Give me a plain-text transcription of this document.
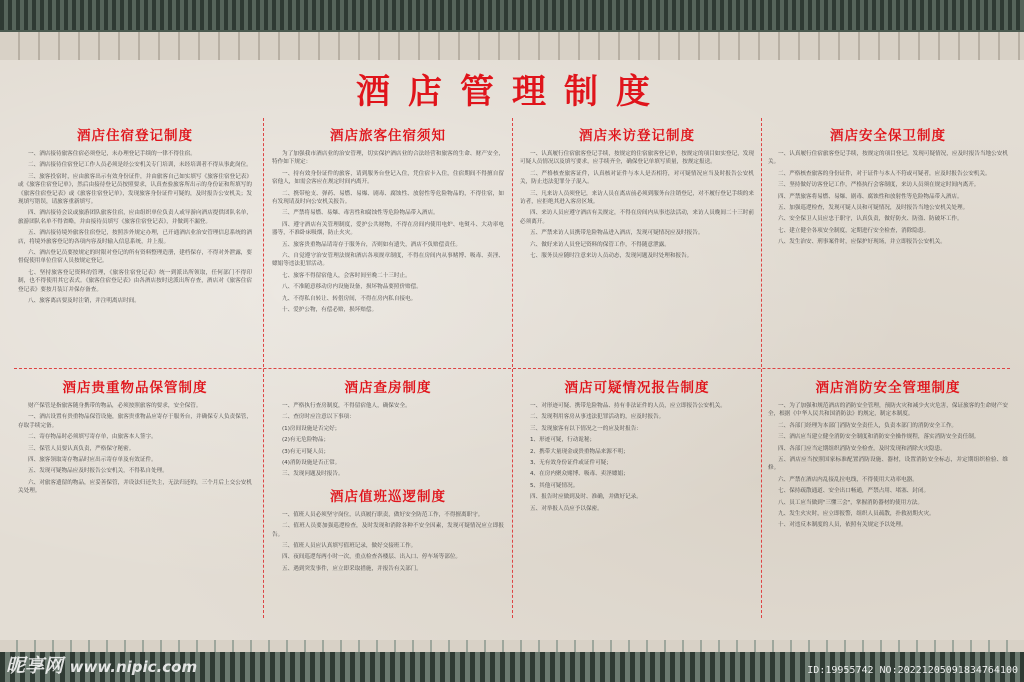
酒店管理制度
酒店住宿登记制度

一、酒店接待旅客住宿必须登记，未办理登记手续的一律不得住宿。

二、酒店接待住宿登记工作人员必须是经公安机关专门培训，未经培训者不得从事此岗位。

三、旅客投宿时，应由旅客出示有效身份证件，并由旅客自己如实填写《旅客住宿登记表》或《旅客住宿登记单》，然后由接待登记员按照要求，认真查验旅客所出示的身份证和所填写的《旅客住宿登记表》或《旅客住宿登记单》，发现旅客身份证件可疑的，及时报告公安机关；发现填写错误，请旅客重新填写。

四、酒店接待会议或旅游团队旅客住宿，应由组织单位负责人或导游向酒店提供团队名单，旅游团队名单不得省略，并由接待员填写《旅客住宿登记表》，并做到不漏登。

五、酒店接待境外旅客住宿登记，按照涉外规定办理，已开通酒店业治安管理信息系统的酒店，将境外旅客登记的各项内容及时输入信息系统，并上报。

六、酒店登记员要按规定的时限对登记的所有资料整理造册，建档保存，不得对外泄露，要督促使用单位住宿人员按规定登记。

七、坚持旅客登记资料的管理，《旅客住宿登记表》统一到派出所领取，任何部门不得印制，也不得使用其它表式。《旅客住宿登记表》由各酒店按时送派出所存查，酒店对《旅客住宿登记表》要按月装订并保存备查。

八、旅客离店要及时注销，并注明离店时间。

酒店旅客住宿须知

为了加强我市酒店业的治安管理，切实保护酒店业的合法经营和旅客的生命、财产安全，特作如下规定：

一、持有效身份证件的旅客，请到服务台登记入住，凭住宿卡入住，住宿期间不得擅自留宿他人，如需会客应在规定时间内离开。

二、携带枪支、弹药、易燃、易爆、剧毒、腐蚀性、放射性等危险物品的，不得住宿，如有发现请及时向公安机关报告。

三、严禁将易燃、易爆、毒害性和腐蚀性等危险物品带入酒店。

四、遵守酒店有关管理制度，爱护公共财物，不得在房间内使用电炉、电熨斗、大功率电器等，不准卧床吸烟，防止火灾。

五、旅客贵重物品请寄存于服务台，否则如有遗失，酒店不负赔偿责任。

六、自觉遵守治安管理法规和酒店各项规章制度，不得在房间内从事赌博、吸毒、卖淫、嫖娼等违法犯罪活动。

七、旅客不得留宿他人，会客时间至晚二十三时止。

八、不准随意移动房内设施设备，损坏物品要照价赔偿。

九、不得私自转让、转借房间，不得在房内私自接电。

十、爱护公物，有偿必赔，损坏赔偿。

酒店来访登记制度

一、认真履行住宿旅客登记手续，按规定的住宿旅客登记单，按规定的项目如实登记，发现可疑人员情况以及填写要求，应手续齐全，确保登记单填写质量，按规定报送。

二、严格核查旅客证件，认真核对证件与本人是否相符，对可疑情况应当及时报告公安机关，防止违法犯罪分子混入。

三、凡来访人员须登记，来访人员在离店前必须到服务台注销登记，对不履行登记手续的来访者，应拒绝其进入客房区域。

四、来访人员应遵守酒店有关规定，不得在房间内从事违法活动，来访人员晚间二十三时前必须离开。

五、严禁来访人员携带危险物品进入酒店，发现可疑情况应及时报告。

六、做好来访人员登记资料的保管工作，不得随意泄露。

七、服务员应随时注意来访人员动态，发现问题及时处理和报告。

酒店安全保卫制度

一、认真履行住宿旅客登记手续，按规定的项目登记，发现可疑情况，应及时报告当地公安机关。

二、严格核查旅客的身份证件，对于证件与本人不符或可疑者，应及时报告公安机关。

三、坚持做好访客登记工作，严格执行会客制度，来访人员须在规定时间内离开。

四、严禁旅客将易燃、易爆、剧毒、腐蚀性和放射性等危险物品带入酒店。

五、加强巡逻检查，发现可疑人员和可疑情况，及时报告当地公安机关处理。

六、安全保卫人员应忠于职守，认真负责，做好防火、防盗、防破坏工作。

七、建立健全各项安全制度，定期进行安全检查，消除隐患。

八、发生治安、刑事案件时，应保护好现场，并立即报告公安机关。

酒店贵重物品保管制度

财产保管是指旅客随身携带的物品，必须按照旅客的要求，安全保管。

一、酒店设置有贵重物品保管设施，旅客贵重物品应寄存于服务台，并确保专人负责保管，存取手续完备。

二、寄存物品时必须填写寄存单，由旅客本人签字。

三、保管人员要认真负责，严格保守秘密。

四、旅客领取寄存物品时应出示寄存单及有效证件。

五、发现可疑物品应及时报告公安机关，不得私自处理。

六、对旅客遗留的物品，应妥善保管，并设法归还失主，无法归还的，三个月后上交公安机关处理。

酒店查房制度

一、严格执行查房制度，不得留宿他人，确保安全。

二、查房时应注意以下事项：

(1)房间设施是否完好；

(2)有无危险物品；

(3)有无可疑人员；

(4)消防设施是否正常。

三、发现问题及时报告。

酒店值班巡逻制度

一、值班人员必须坚守岗位，认真履行职责，做好安全防范工作，不得擅离职守。

二、值班人员要加强巡逻检查，及时发现和消除各种不安全因素，发现可疑情况应立即报告。

三、值班人员应认真填写值班记录，做好交接班工作。

四、夜间巡逻每两小时一次，重点检查各楼层、出入口、停车场等部位。

五、遇到突发事件，应立即采取措施，并报告有关部门。

酒店可疑情况报告制度

一、对形迹可疑、携带危险物品、持有非法证件的人员，应立即报告公安机关。

二、发现利用客房从事违法犯罪活动的，应及时报告。

三、发现旅客有以下情况之一的应及时报告：

1、形迹可疑，行动诡秘；

2、携带大量现金或贵重物品来源不明；

3、无有效身份证件或证件可疑；

4、在房内聚众赌博、吸毒、卖淫嫖娼；

5、其他可疑情况。

四、报告时应做到及时、准确，并做好记录。

五、对举报人员应予以保密。

酒店消防安全管理制度

一、为了加强和规范酒店的消防安全管理，预防火灾和减少火灾危害，保证旅客的生命财产安全，根据《中华人民共和国消防法》的规定，制定本制度。

二、各部门经理为本部门消防安全责任人，负责本部门的消防安全工作。

三、酒店应当建立健全消防安全制度和消防安全操作规程，落实消防安全责任制。

四、各部门应当定期组织消防安全检查，及时发现和消除火灾隐患。

五、酒店应当按照国家标准配置消防设施、器材，设置消防安全标志，并定期组织检验、维修。

六、严禁在酒店内乱接乱拉电线，不得使用大功率电器。

七、保持疏散通道、安全出口畅通，严禁占用、堵塞、封闭。

八、员工应当做到"三懂三会"，掌握消防器材的使用方法。

九、发生火灾时，应立即报警，组织人员疏散，扑救初期火灾。

十、对违反本制度的人员，依照有关规定予以处理。

昵享网 www.nipic.com	ID:19955742 NO:20221205091834764100
